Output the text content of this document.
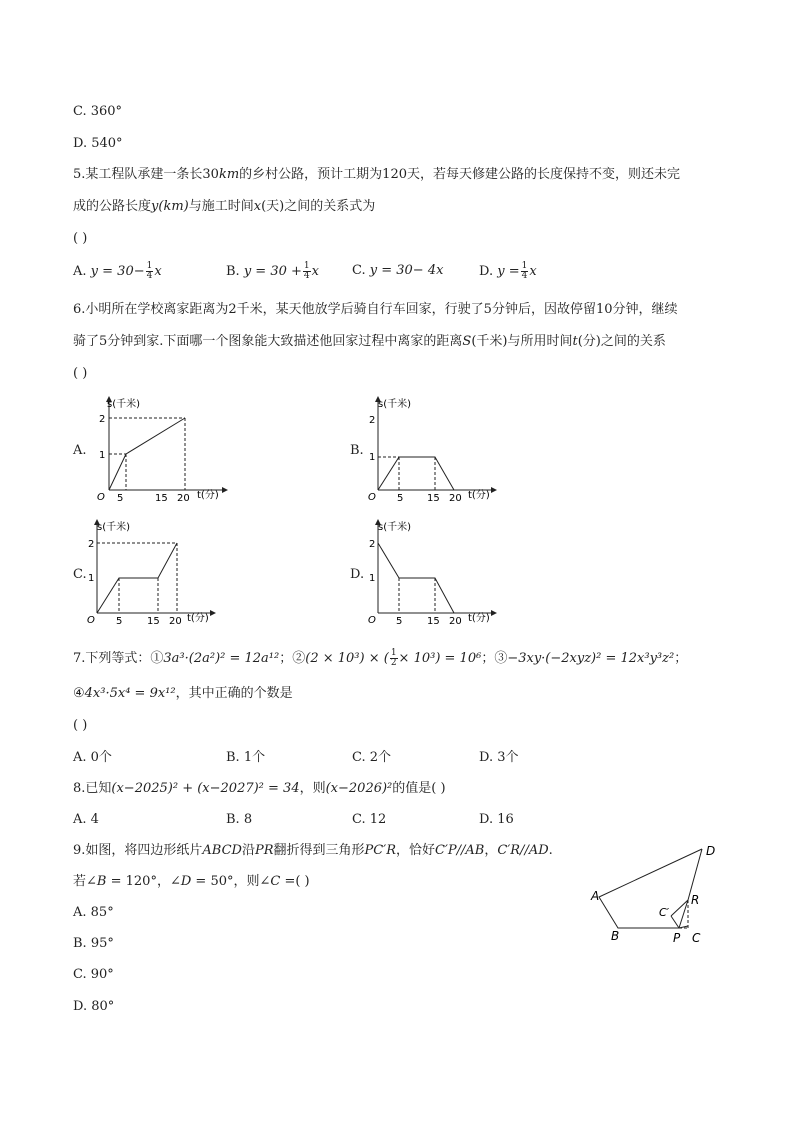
C. 360°
D. 540°
5.某工程队承建一条长30km的乡村公路，预计工期为120天，若每天修建公路的长度保持不变，则还未完
成的公路长度y(km)与施工时间x(天)之间的关系式为
( )
A. $y = 30- \frac{1}{4}$ x	B. $y = 30 + \frac{1}{4}$ x	C. y = 30− 4x	D. $y = \frac{1}{4}$ x
6.小明所在学校离家距离为2千米，某天他放学后骑自行车回家，行驶了5分钟后，因故停留10分钟，继续
骑了5分钟到家.下面哪一个图象能大致描述他回家过程中离家的距离S(千米)与所用时间t(分)之间的关系
( )
A.
s(千米)
t(分)
O
1
2
5	15 20
B.
s(千米)
t(分)
O
1
2
5 15 20
C.
s(千米)
t(分)
O
1
2
5 15 20
D.
s(千米)
t(分)
O
1
2
5 15 20
7.下列等式：①3a³·(2a²)² = 12a¹²；②(2 × 10³) × ( $\frac{1}{2} \times 10^3) = 10^6$；③−3xy·(−2xyz)² = 12x³y³z²；
④4x³·5x⁴ = 9x¹²，其中正确的个数是
( )
A. 0个	B. 1个	C. 2个	D. 3个
8.已知(x−2025)² + (x−2027)² = 34，则(x−2026)²的值是( )
A. 4	B. 8	C. 12	D. 16
9.如图，将四边形纸片ABCD沿PR翻折得到三角形PC′R，恰好C′P//AB，C′R//AD.
若∠B = 120°，∠D = 50°，则∠C =( )
A. 85°
B. 95°
C. 90°
D. 80°
A
B	C
D
P
R
C′
